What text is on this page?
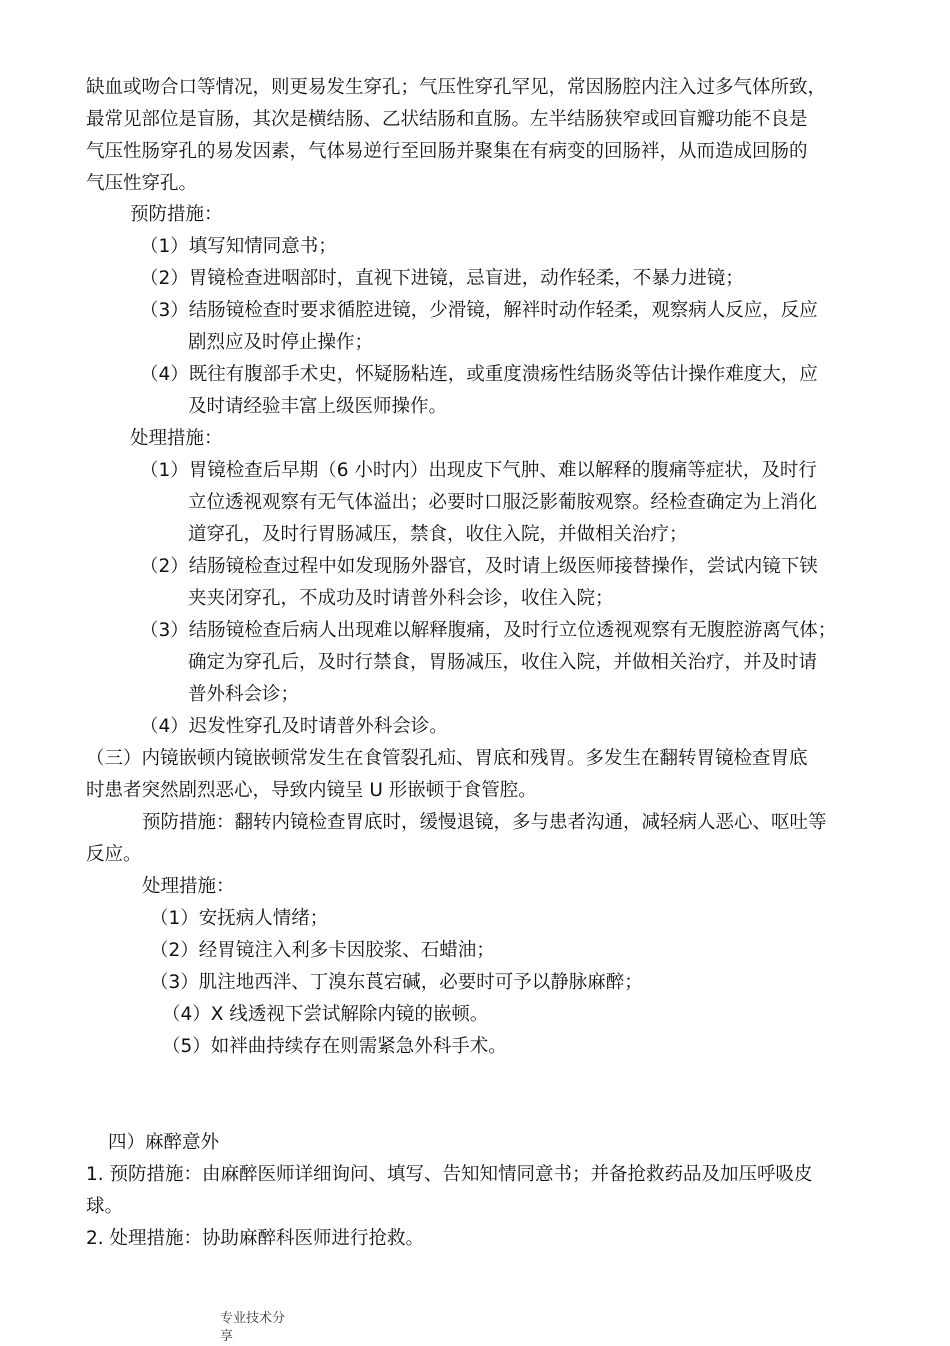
缺血或吻合口等情况，则更易发生穿孔；气压性穿孔罕见，常因肠腔内注入过多气体所致，
最常见部位是盲肠，其次是横结肠、乙状结肠和直肠。左半结肠狭窄或回盲瓣功能不良是
气压性肠穿孔的易发因素，气体易逆行至回肠并聚集在有病变的回肠袢，从而造成回肠的
气压性穿孔。
预防措施：
（1）填写知情同意书；
（2）胃镜检查进咽部时，直视下进镜，忌盲进，动作轻柔，不暴力进镜；
（3）结肠镜检查时要求循腔进镜，少滑镜，解袢时动作轻柔，观察病人反应，反应
剧烈应及时停止操作；
（4）既往有腹部手术史，怀疑肠粘连，或重度溃疡性结肠炎等估计操作难度大，应
及时请经验丰富上级医师操作。
处理措施：
（1）胃镜检查后早期（6 小时内）出现皮下气肿、难以解释的腹痛等症状，及时行
立位透视观察有无气体溢出；必要时口服泛影葡胺观察。经检查确定为上消化
道穿孔，及时行胃肠减压，禁食，收住入院，并做相关治疗；
（2）结肠镜检查过程中如发现肠外器官，及时请上级医师接替操作，尝试内镜下铗
夹夹闭穿孔，不成功及时请普外科会诊，收住入院；
（3）结肠镜检查后病人出现难以解释腹痛，及时行立位透视观察有无腹腔游离气体；
确定为穿孔后，及时行禁食，胃肠减压，收住入院，并做相关治疗，并及时请
普外科会诊；
（4）迟发性穿孔及时请普外科会诊。
（三）内镜嵌顿内镜嵌顿常发生在食管裂孔疝、胃底和残胃。多发生在翻转胃镜检查胃底
时患者突然剧烈恶心，导致内镜呈 U 形嵌顿于食管腔。
预防措施：翻转内镜检查胃底时，缓慢退镜，多与患者沟通，减轻病人恶心、呕吐等
反应。
处理措施：
（1）安抚病人情绪；
（2）经胃镜注入利多卡因胶浆、石蜡油；
（3）肌注地西泮、丁溴东莨宕碱，必要时可予以静脉麻醉；
（4）X 线透视下尝试解除内镜的嵌顿。
（5）如袢曲持续存在则需紧急外科手术。
四）麻醉意外
1. 预防措施：由麻醉医师详细询问、填写、告知知情同意书；并备抢救药品及加压呼吸皮
球。
2. 处理措施：协助麻醉科医师进行抢救。
专业技术分享
